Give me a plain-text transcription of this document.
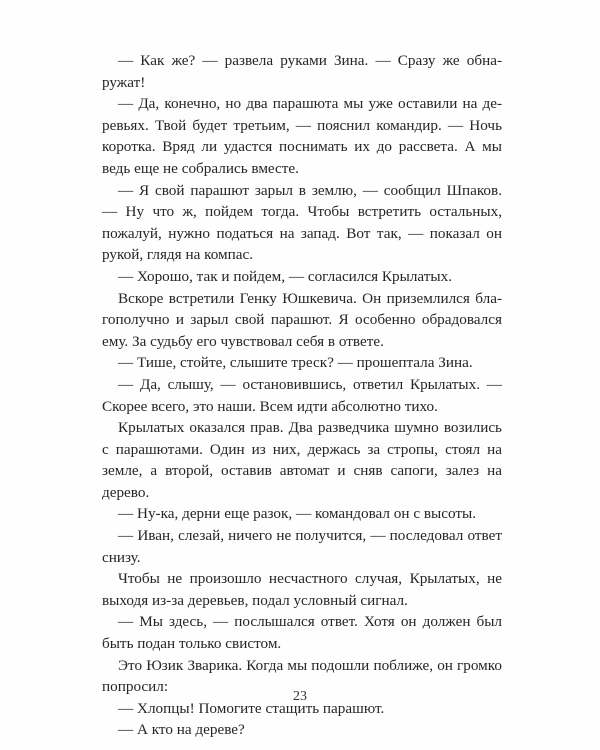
— Как же? — развела руками Зина. — Сразу же обнаружат!

— Да, конечно, но два парашюта мы уже оставили на деревьях. Твой будет третьим, — пояснил командир. — Ночь коротка. Вряд ли удастся поснимать их до рассвета. А мы ведь еще не собрались вместе.

— Я свой парашют зарыл в землю, — сообщил Шпаков. — Ну что ж, пойдем тогда. Чтобы встретить остальных, пожалуй, нужно податься на запад. Вот так, — показал он рукой, глядя на компас.

— Хорошо, так и пойдем, — согласился Крылатых.

Вскоре встретили Генку Юшкевича. Он приземлился благополучно и зарыл свой парашют. Я особенно обрадовался ему. За судьбу его чувствовал себя в ответе.

— Тише, стойте, слышите треск? — прошептала Зина.

— Да, слышу, — остановившись, ответил Крылатых. — Скорее всего, это наши. Всем идти абсолютно тихо.

Крылатых оказался прав. Два разведчика шумно возились с парашютами. Один из них, держась за стропы, стоял на земле, а второй, оставив автомат и сняв сапоги, залез на дерево.

— Ну-ка, дерни еще разок, — командовал он с высоты.

— Иван, слезай, ничего не получится, — последовал ответ снизу.

Чтобы не произошло несчастного случая, Крылатых, не выходя из-за деревьев, подал условный сигнал.

— Мы здесь, — послышался ответ. Хотя он должен был быть подан только свистом.

Это Юзик Зварика. Когда мы подошли поближе, он громко попросил:

— Хлопцы! Помогите стащить парашют.

— А кто на дереве?

23
